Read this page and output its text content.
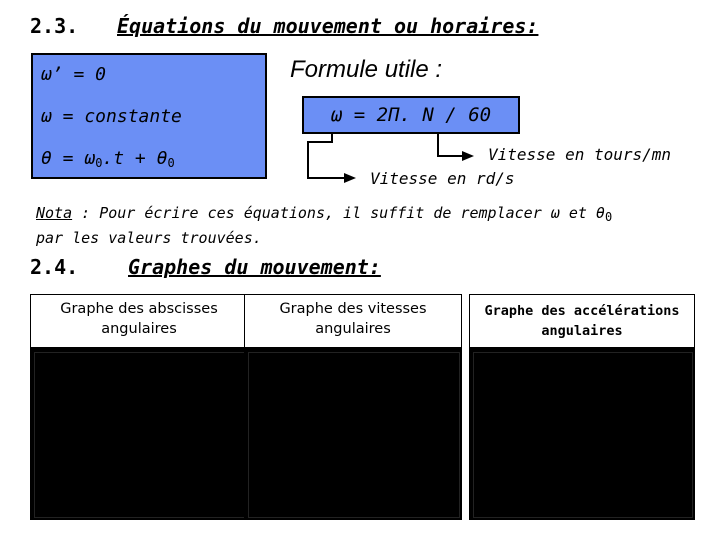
2.3. Équations du mouvement ou horaires:
ω’ = 0
ω = constante
$\theta = \omega_0.t + \theta_0$
Formule utile :
ω = 2Π. N / 60
Vitesse en tours/mn
Vitesse en rd/s
Nota : Pour écrire ces équations, il suffit de remplacer ω et $\theta_0$ par les valeurs trouvées.
2.4. Graphes du mouvement:
Graphe des abscisses
angulaires
Graphe des vitesses
angulaires
Graphe des accélérations
angulaires
